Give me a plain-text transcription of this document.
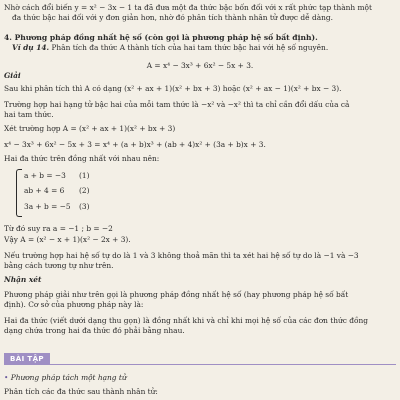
Nhờ cách đổi biến y = x² − 3x − 1 ta đã đưa một đa thức bậc bốn đối với x rất phức tạp thành một
đa thức bậc hai đối với y đơn giản hơn, nhờ đó phân tích thành nhân tử được dễ dàng.
4. Phương pháp đồng nhất hệ số (còn gọi là phương pháp hệ số bất định).
Ví dụ 14. Phân tích đa thức A thành tích của hai tam thức bậc hai với hệ số nguyên.
A = x⁴ − 3x³ + 6x² − 5x + 3.
Giải
Sau khi phân tích thì A có dạng (x² + ax + 1)(x² + bx + 3) hoặc (x² + ax − 1)(x² + bx − 3).
Trường hợp hai hạng tử bậc hai của mỗi tam thức là −x² và −x² thì ta chỉ cần đổi dấu của cả
hai tam thức.
Xét trường hợp A = (x² + ax + 1)(x² + bx + 3)
x⁴ − 3x³ + 6x² − 5x + 3 = x⁴ + (a + b)x³ + (ab + 4)x² + (3a + b)x + 3.
Hai đa thức trên đồng nhất với nhau nên:
a + b = −3 (1)
ab + 4 = 6 (2)
3a + b = −5 (3)
Từ đó suy ra a = −1 ; b = −2
Vậy A = (x² − x + 1)(x² − 2x + 3).
Nếu trường hợp hai hệ số tự do là 1 và 3 không thoả mãn thì ta xét hai hệ số tự do là −1 và −3
bằng cách tương tự như trên.
Nhận xét
Phương pháp giải như trên gọi là phương pháp đồng nhất hệ số (hay phương pháp hệ số bất
định). Cơ sở của phương pháp này là:
Hai đa thức (viết dưới dạng thu gọn) là đồng nhất khi và chỉ khi mọi hệ số của các đơn thức đồng
dạng chứa trong hai đa thức đó phải bằng nhau.
BÀI TẬP
• Phương pháp tách một hạng tử
Phân tích các đa thức sau thành nhân tử:
